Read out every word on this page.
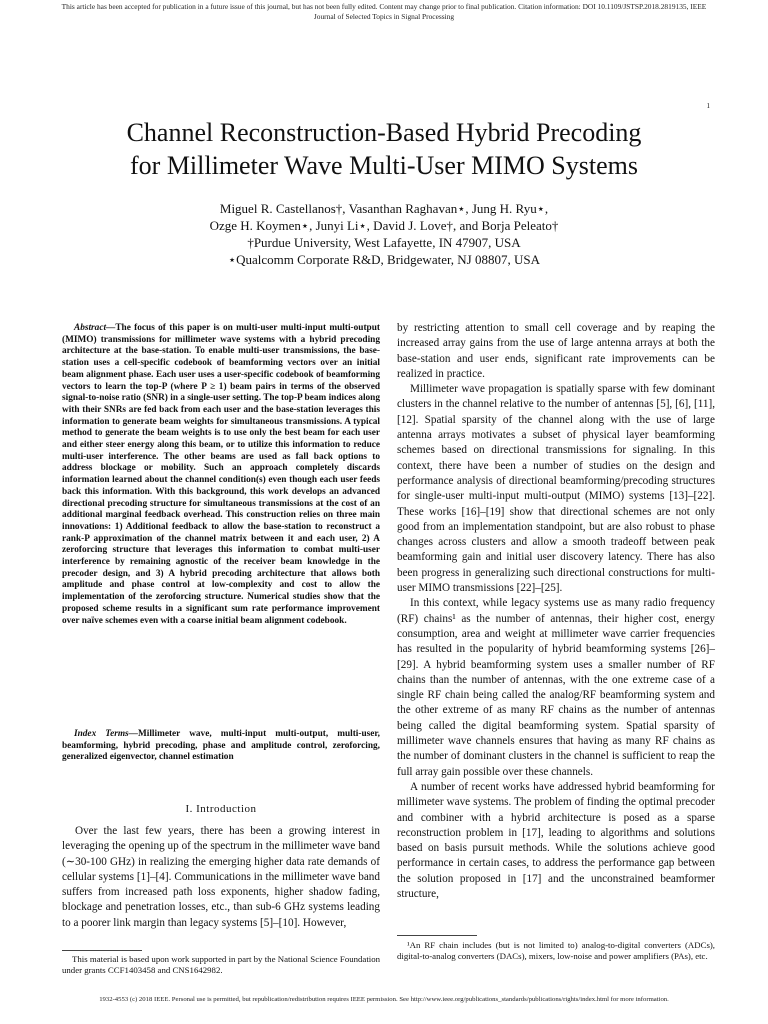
This article has been accepted for publication in a future issue of this journal, but has not been fully edited. Content may change prior to final publication. Citation information: DOI 10.1109/JSTSP.2018.2819135, IEEE
Journal of Selected Topics in Signal Processing
1
Channel Reconstruction-Based Hybrid Precoding
for Millimeter Wave Multi-User MIMO Systems
Miguel R. Castellanos†, Vasanthan Raghavan⋆, Jung H. Ryu⋆,
Ozge H. Koymen⋆, Junyi Li⋆, David J. Love†, and Borja Peleato†
†Purdue University, West Lafayette, IN 47907, USA
⋆Qualcomm Corporate R&D, Bridgewater, NJ 08807, USA

Abstract—The focus of this paper is on multi-user multi-input multi-output (MIMO) transmissions for millimeter wave systems with a hybrid precoding architecture at the base-station. To enable multi-user transmissions, the base-station uses a cell-specific codebook of beamforming vectors over an initial beam alignment phase. Each user uses a user-specific codebook of beamforming vectors to learn the top-P (where P ≥ 1) beam pairs in terms of the observed signal-to-noise ratio (SNR) in a single-user setting. The top-P beam indices along with their SNRs are fed back from each user and the base-station leverages this information to generate beam weights for simultaneous transmissions. A typical method to generate the beam weights is to use only the best beam for each user and either steer energy along this beam, or to utilize this information to reduce multi-user interference. The other beams are used as fall back options to address blockage or mobility. Such an approach completely discards information learned about the channel condition(s) even though each user feeds back this information. With this background, this work develops an advanced directional precoding structure for simultaneous transmissions at the cost of an additional marginal feedback overhead. This construction relies on three main innovations: 1) Additional feedback to allow the base-station to reconstruct a rank-P approximation of the channel matrix between it and each user, 2) A zeroforcing structure that leverages this information to combat multi-user interference by remaining agnostic of the receiver beam knowledge in the precoder design, and 3) A hybrid precoding architecture that allows both amplitude and phase control at low-complexity and cost to allow the implementation of the zeroforcing structure. Numerical studies show that the proposed scheme results in a significant sum rate performance improvement over naïve schemes even with a coarse initial beam alignment codebook.

Index Terms—Millimeter wave, multi-input multi-output, multi-user, beamforming, hybrid precoding, phase and amplitude control, zeroforcing, generalized eigenvector, channel estimation

I. Introduction

Over the last few years, there has been a growing interest in leveraging the opening up of the spectrum in the millimeter wave band (∼30-100 GHz) in realizing the emerging higher data rate demands of cellular systems [1]–[4]. Communications in the millimeter wave band suffers from increased path loss exponents, higher shadow fading, blockage and penetration losses, etc., than sub-6 GHz systems leading to a poorer link margin than legacy systems [5]–[10]. However,

This material is based upon work supported in part by the National Science Foundation under grants CCF1403458 and CNS1642982.

by restricting attention to small cell coverage and by reaping the increased array gains from the use of large antenna arrays at both the base-station and user ends, significant rate improvements can be realized in practice.

Millimeter wave propagation is spatially sparse with few dominant clusters in the channel relative to the number of antennas [5], [6], [11], [12]. Spatial sparsity of the channel along with the use of large antenna arrays motivates a subset of physical layer beamforming schemes based on directional transmissions for signaling. In this context, there have been a number of studies on the design and performance analysis of directional beamforming/precoding structures for single-user multi-input multi-output (MIMO) systems [13]–[22]. These works [16]–[19] show that directional schemes are not only good from an implementation standpoint, but are also robust to phase changes across clusters and allow a smooth tradeoff between peak beamforming gain and initial user discovery latency. There has also been progress in generalizing such directional constructions for multi-user MIMO transmissions [22]–[25].

In this context, while legacy systems use as many radio frequency (RF) chains¹ as the number of antennas, their higher cost, energy consumption, area and weight at millimeter wave carrier frequencies has resulted in the popularity of hybrid beamforming systems [26]–[29]. A hybrid beamforming system uses a smaller number of RF chains than the number of antennas, with the one extreme case of a single RF chain being called the analog/RF beamforming system and the other extreme of as many RF chains as the number of antennas being called the digital beamforming system. Spatial sparsity of millimeter wave channels ensures that having as many RF chains as the number of dominant clusters in the channel is sufficient to reap the full array gain possible over these channels.

A number of recent works have addressed hybrid beamforming for millimeter wave systems. The problem of finding the optimal precoder and combiner with a hybrid architecture is posed as a sparse reconstruction problem in [17], leading to algorithms and solutions based on basis pursuit methods. While the solutions achieve good performance in certain cases, to address the performance gap between the solution proposed in [17] and the unconstrained beamformer structure,

¹An RF chain includes (but is not limited to) analog-to-digital converters (ADCs), digital-to-analog converters (DACs), mixers, low-noise and power amplifiers (PAs), etc.

1932-4553 (c) 2018 IEEE. Personal use is permitted, but republication/redistribution requires IEEE permission. See http://www.ieee.org/publications_standards/publications/rights/index.html for more information.
